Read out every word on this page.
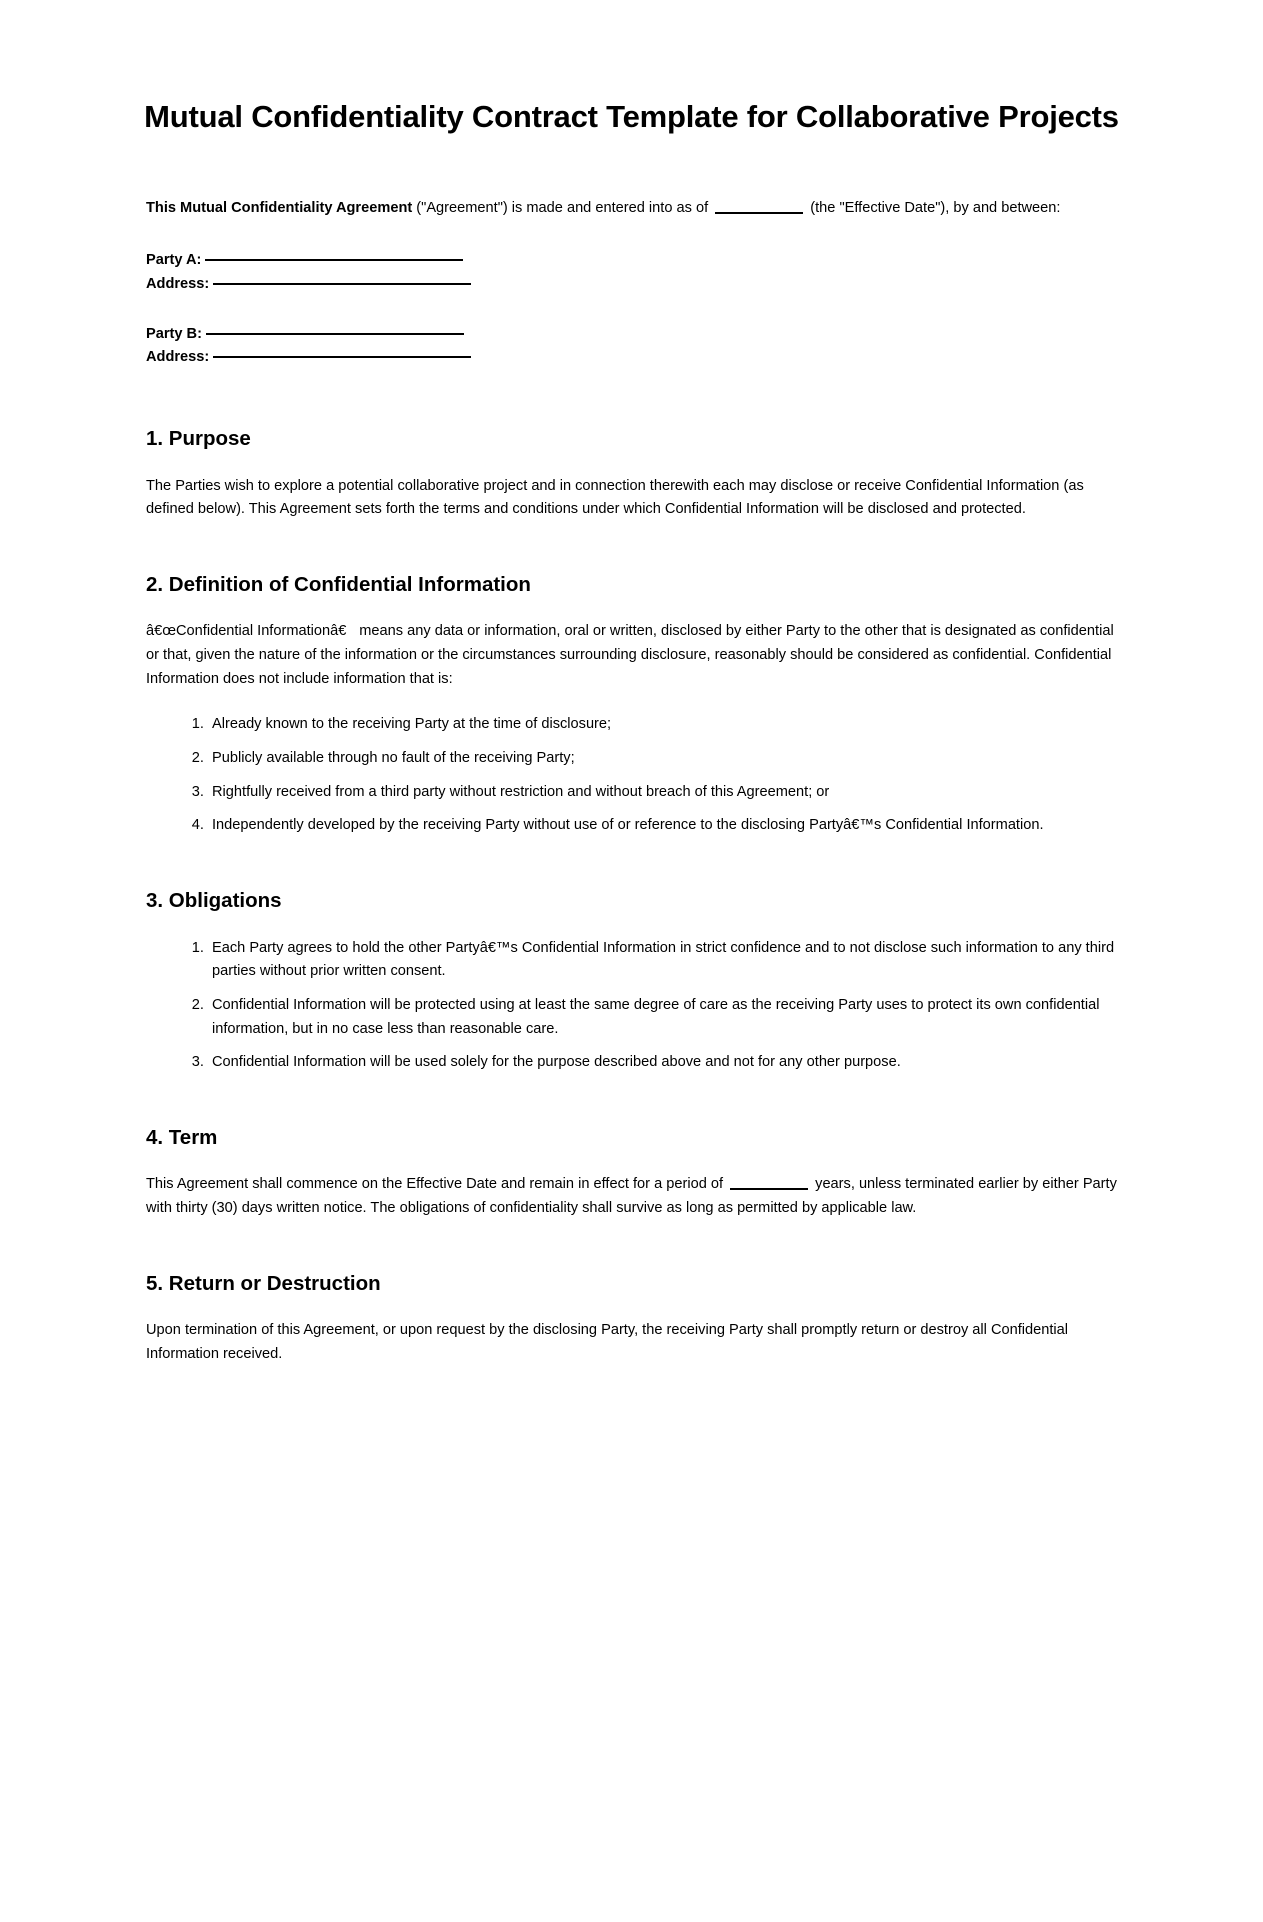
Mutual Confidentiality Contract Template for Collaborative Projects

This Mutual Confidentiality Agreement ("Agreement") is made and entered into as of	(the "Effective Date"), by and between:

Party A:
Address:
Party B:
Address:
1. Purpose

The Parties wish to explore a potential collaborative project and in connection therewith each may disclose or receive Confidential Information (as defined below). This Agreement sets forth the terms and conditions under which Confidential Information will be disclosed and protected.

2. Definition of Confidential Information

â€œConfidential Informationâ€ means any data or information, oral or written, disclosed by either Party to the other that is designated as confidential or that, given the nature of the information or the circumstances surrounding disclosure, reasonably should be considered as confidential. Confidential Information does not include information that is:

1. Already known to the receiving Party at the time of disclosure;
2. Publicly available through no fault of the receiving Party;
3. Rightfully received from a third party without restriction and without breach of this Agreement; or
4. Independently developed by the receiving Party without use of or reference to the disclosing Partyâ€™s Confidential Information.
3. Obligations
1. Each Party agrees to hold the other Partyâ€™s Confidential Information in strict confidence and to not disclose such information to any third parties without prior written consent.
2. Confidential Information will be protected using at least the same degree of care as the receiving Party uses to protect its own confidential information, but in no case less than reasonable care.
3. Confidential Information will be used solely for the purpose described above and not for any other purpose.
4. Term

This Agreement shall commence on the Effective Date and remain in effect for a period of	years, unless terminated earlier by either Party with thirty (30) days written notice. The obligations of confidentiality shall survive as long as permitted by applicable law.

5. Return or Destruction

Upon termination of this Agreement, or upon request by the disclosing Party, the receiving Party shall promptly return or destroy all Confidential Information received.
